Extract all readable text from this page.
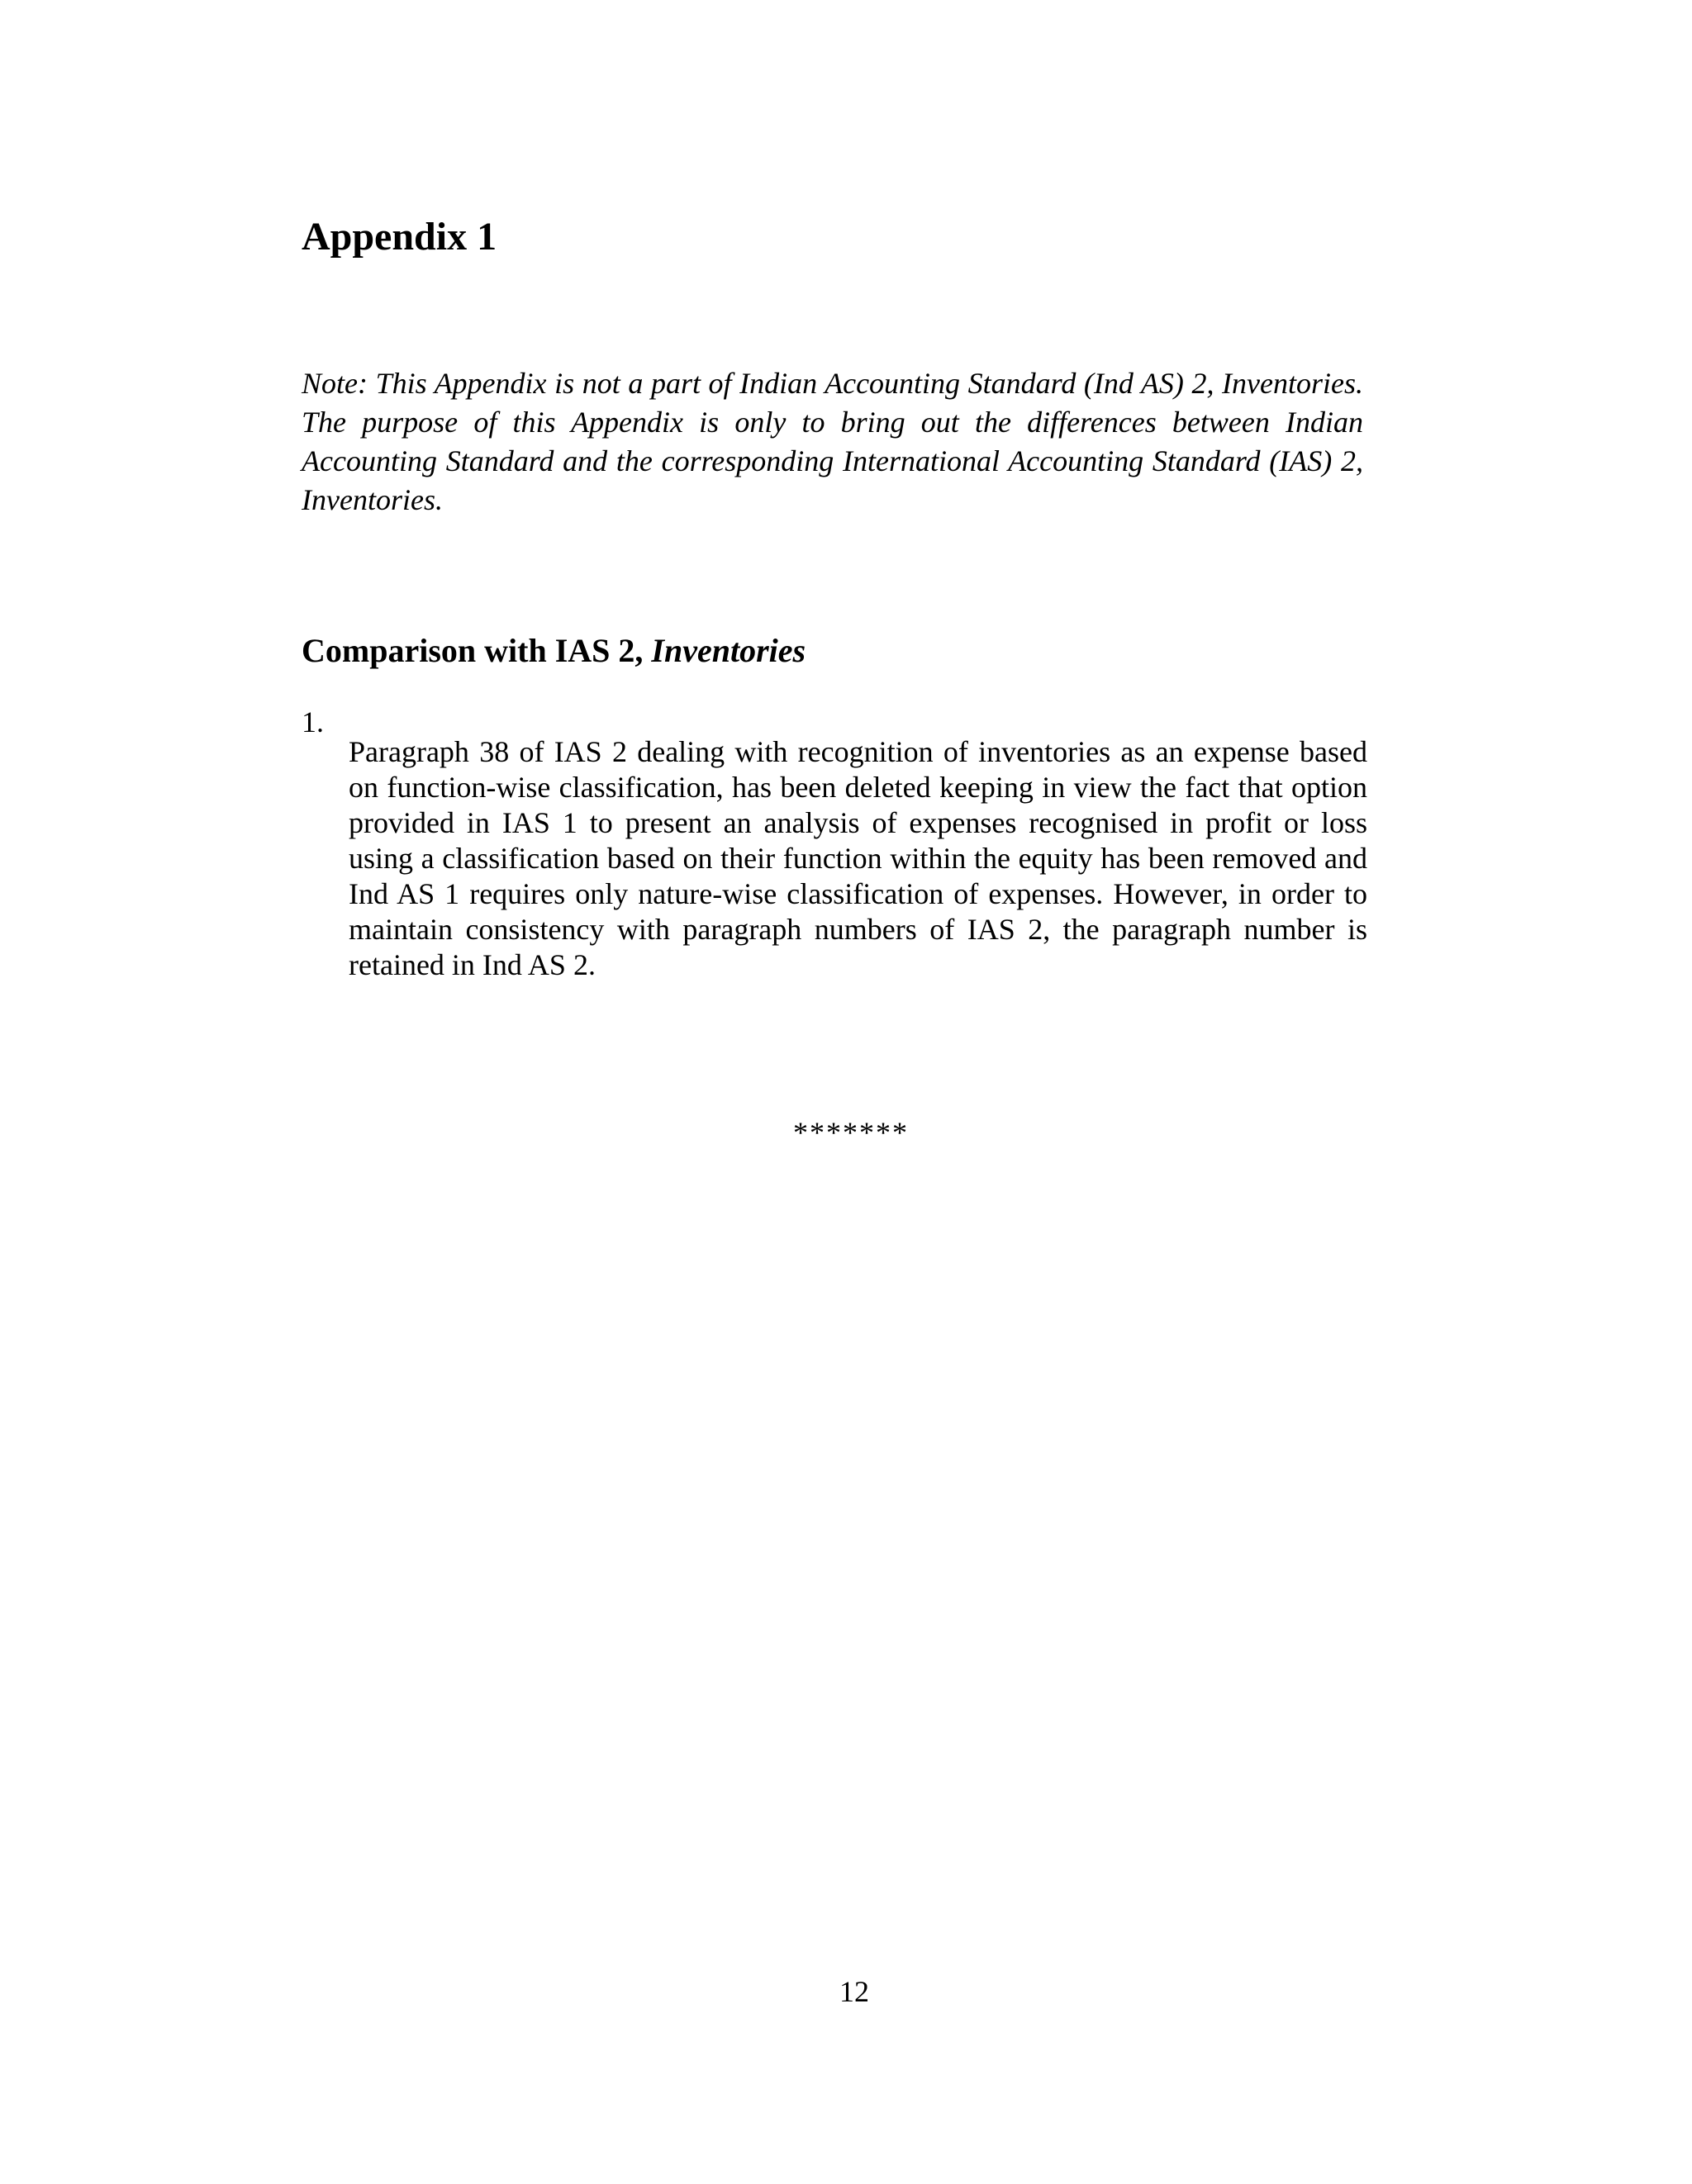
Appendix 1

Note: This Appendix is not a part of Indian Accounting Standard (Ind AS) 2, Inventories. The purpose of this Appendix is only to bring out the differences between Indian Accounting Standard and the corresponding International Accounting Standard (IAS) 2, Inventories.

Comparison with IAS 2, Inventories
1.

Paragraph 38 of IAS 2 dealing with recognition of inventories as an expense based on function-wise classification, has been deleted keeping in view the fact that option provided in IAS 1 to present an analysis of expenses recognised in profit or loss using a classification based on their function within the equity has been removed and Ind AS 1 requires only nature-wise classification of expenses. However, in order to maintain consistency with paragraph numbers of IAS 2, the paragraph number is retained in Ind AS 2.

*******

12
